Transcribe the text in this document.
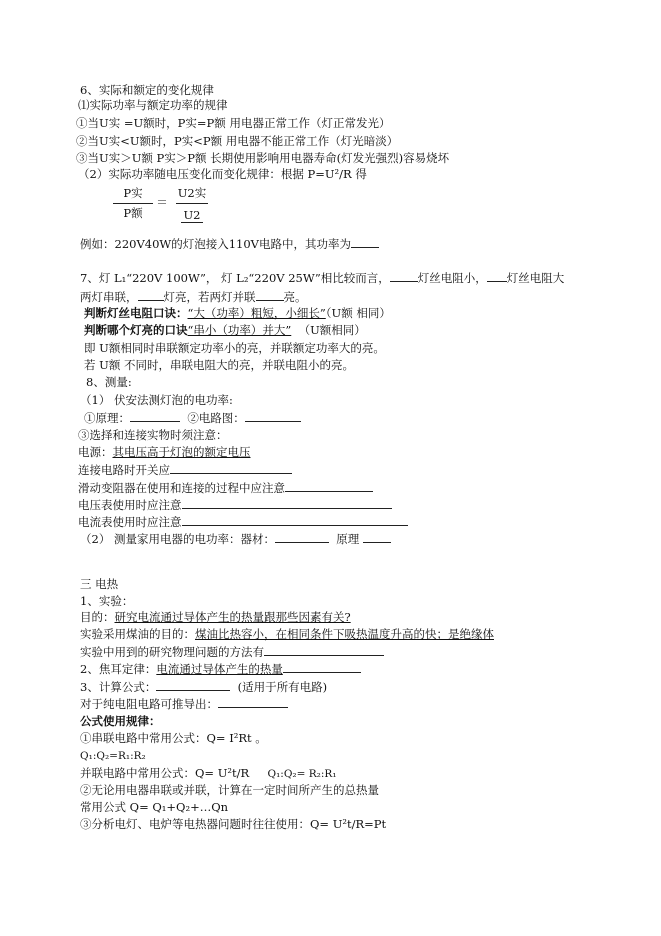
6、实际和额定的变化规律
⑴实际功率与额定功率的规律
①当U实 =U额时，P实=P额 用电器正常工作（灯正常发光）
②当U实<U额时，P实<P额 用电器不能正常工作（灯光暗淡）
③当U实＞U额 P实＞P额 长期使用影响用电器寿命(灯发光强烈)容易烧坏
（2）实际功率随电压变化而变化规律：根据 P=U²/R 得
P实
P额
＝
U2实
U2
例如：220V40W的灯泡接入110V电路中，其功率为
7、灯 L₁“220V 100W”， 灯 L₂“220V 25W”相比较而言， 灯丝电阻小， 灯丝电阻大
两灯串联， 灯亮，若两灯并联 亮。
判断灯丝电阻口诀：“大（功率）粗短，小细长”（U额 相同）
判断哪个灯亮的口诀“串小（功率）并大” （U额相同）
即 U额相同时串联额定功率小的亮，并联额定功率大的亮。
若 U额 不同时，串联电阻大的亮，并联电阻小的亮。
8、测量:
（1） 伏安法测灯泡的电功率:
①原理：	②电路图：
③选择和连接实物时须注意：
电源：其电压高于灯泡的额定电压
连接电路时开关应
滑动变阻器在使用和连接的过程中应注意
电压表使用时应注意
电流表使用时应注意
（2） 测量家用电器的电功率：器材：	原理
三 电热
1、实验：
目的：研究电流通过导体产生的热量跟那些因素有关?
实验采用煤油的目的：煤油比热容小，在相同条件下吸热温度升高的快；是绝缘体
实验中用到的研究物理问题的方法有
2、焦耳定律：电流通过导体产生的热量
3、计算公式：	(适用于所有电路)
对于纯电阻电路可推导出：
公式使用规律：
①串联电路中常用公式：Q= I²Rt 。
Q₁:Q₂=R₁:R₂
并联电路中常用公式：Q= U²t/R Q₁:Q₂= R₂:R₁
②无论用电器串联或并联，计算在一定时间所产生的总热量
常用公式 Q= Q₁+Q₂+…Qn
③分析电灯、电炉等电热器问题时往往使用：Q= U²t/R=Pt
